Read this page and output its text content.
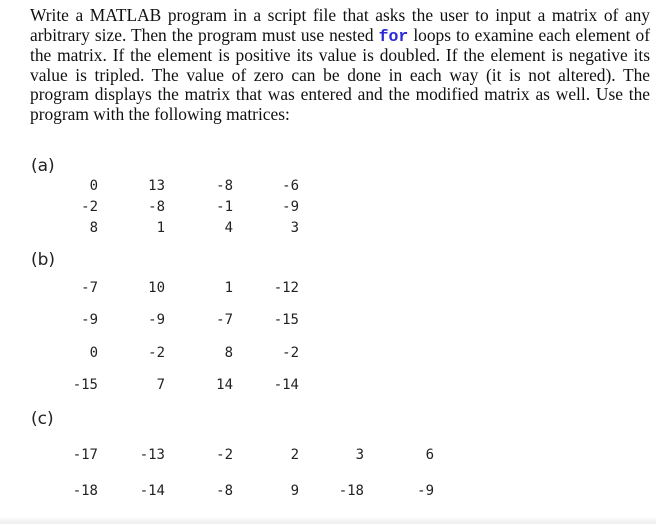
Write a MATLAB program in a script file that asks the user to input a matrix of any arbitrary size. Then the program must use nested for loops to examine each element of the matrix. If the element is positive its value is doubled. If the element is negative its value is tripled. The value of zero can be done in each way (it is not altered). The program displays the matrix that was entered and the modified matrix as well. Use the program with the following matrices:

(a)
0	13	-8	-6
-2	-8	-1	-9
8	1	4	3
(b)
-7	10	1	-12
-9	-9	-7	-15
0	-2	8	-2
-15	7	14	-14
(c)
-17	-13	-2	2	3	6
-18	-14	-8	9	-18	-9
